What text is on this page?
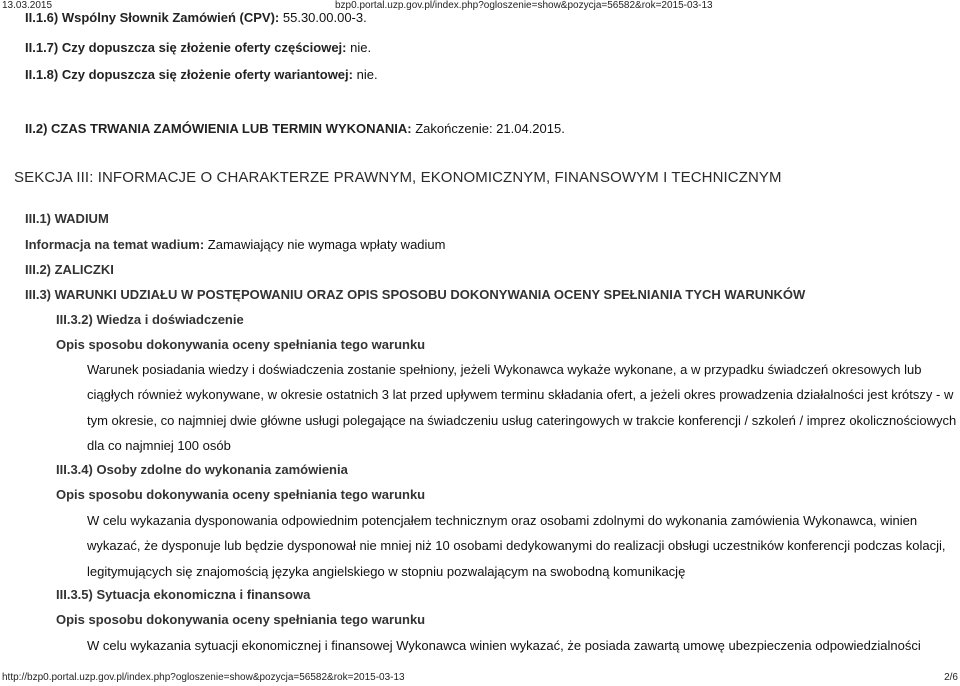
13.03.2015	bzp0.portal.uzp.gov.pl/index.php?ogloszenie=show&pozycja=56582&rok=2015-03-13
II.1.6) Wspólny Słownik Zamówień (CPV): 55.30.00.00-3.
II.1.7) Czy dopuszcza się złożenie oferty częściowej: nie.
II.1.8) Czy dopuszcza się złożenie oferty wariantowej: nie.
II.2) CZAS TRWANIA ZAMÓWIENIA LUB TERMIN WYKONANIA: Zakończenie: 21.04.2015.
SEKCJA III: INFORMACJE O CHARAKTERZE PRAWNYM, EKONOMICZNYM, FINANSOWYM I TECHNICZNYM
III.1) WADIUM
Informacja na temat wadium: Zamawiający nie wymaga wpłaty wadium
III.2) ZALICZKI
III.3) WARUNKI UDZIAŁU W POSTĘPOWANIU ORAZ OPIS SPOSOBU DOKONYWANIA OCENY SPEŁNIANIA TYCH WARUNKÓW
III.3.2) Wiedza i doświadczenie
Opis sposobu dokonywania oceny spełniania tego warunku

Warunek posiadania wiedzy i doświadczenia zostanie spełniony, jeżeli Wykonawca wykaże wykonane, a w przypadku świadczeń okresowych lub

ciągłych również wykonywane, w okresie ostatnich 3 lat przed upływem terminu składania ofert, a jeżeli okres prowadzenia działalności jest krótszy - w

tym okresie, co najmniej dwie główne usługi polegające na świadczeniu usług cateringowych w trakcie konferencji / szkoleń / imprez okolicznościowych

dla co najmniej 100 osób

III.3.4) Osoby zdolne do wykonania zamówienia
Opis sposobu dokonywania oceny spełniania tego warunku

W celu wykazania dysponowania odpowiednim potencjałem technicznym oraz osobami zdolnymi do wykonania zamówienia Wykonawca, winien

wykazać, że dysponuje lub będzie dysponował nie mniej niż 10 osobami dedykowanymi do realizacji obsługi uczestników konferencji podczas kolacji,

legitymujących się znajomością języka angielskiego w stopniu pozwalającym na swobodną komunikację

III.3.5) Sytuacja ekonomiczna i finansowa
Opis sposobu dokonywania oceny spełniania tego warunku

W celu wykazania sytuacji ekonomicznej i finansowej Wykonawca winien wykazać, że posiada zawartą umowę ubezpieczenia odpowiedzialności

http://bzp0.portal.uzp.gov.pl/index.php?ogloszenie=show&pozycja=56582&rok=2015-03-13	2/6
